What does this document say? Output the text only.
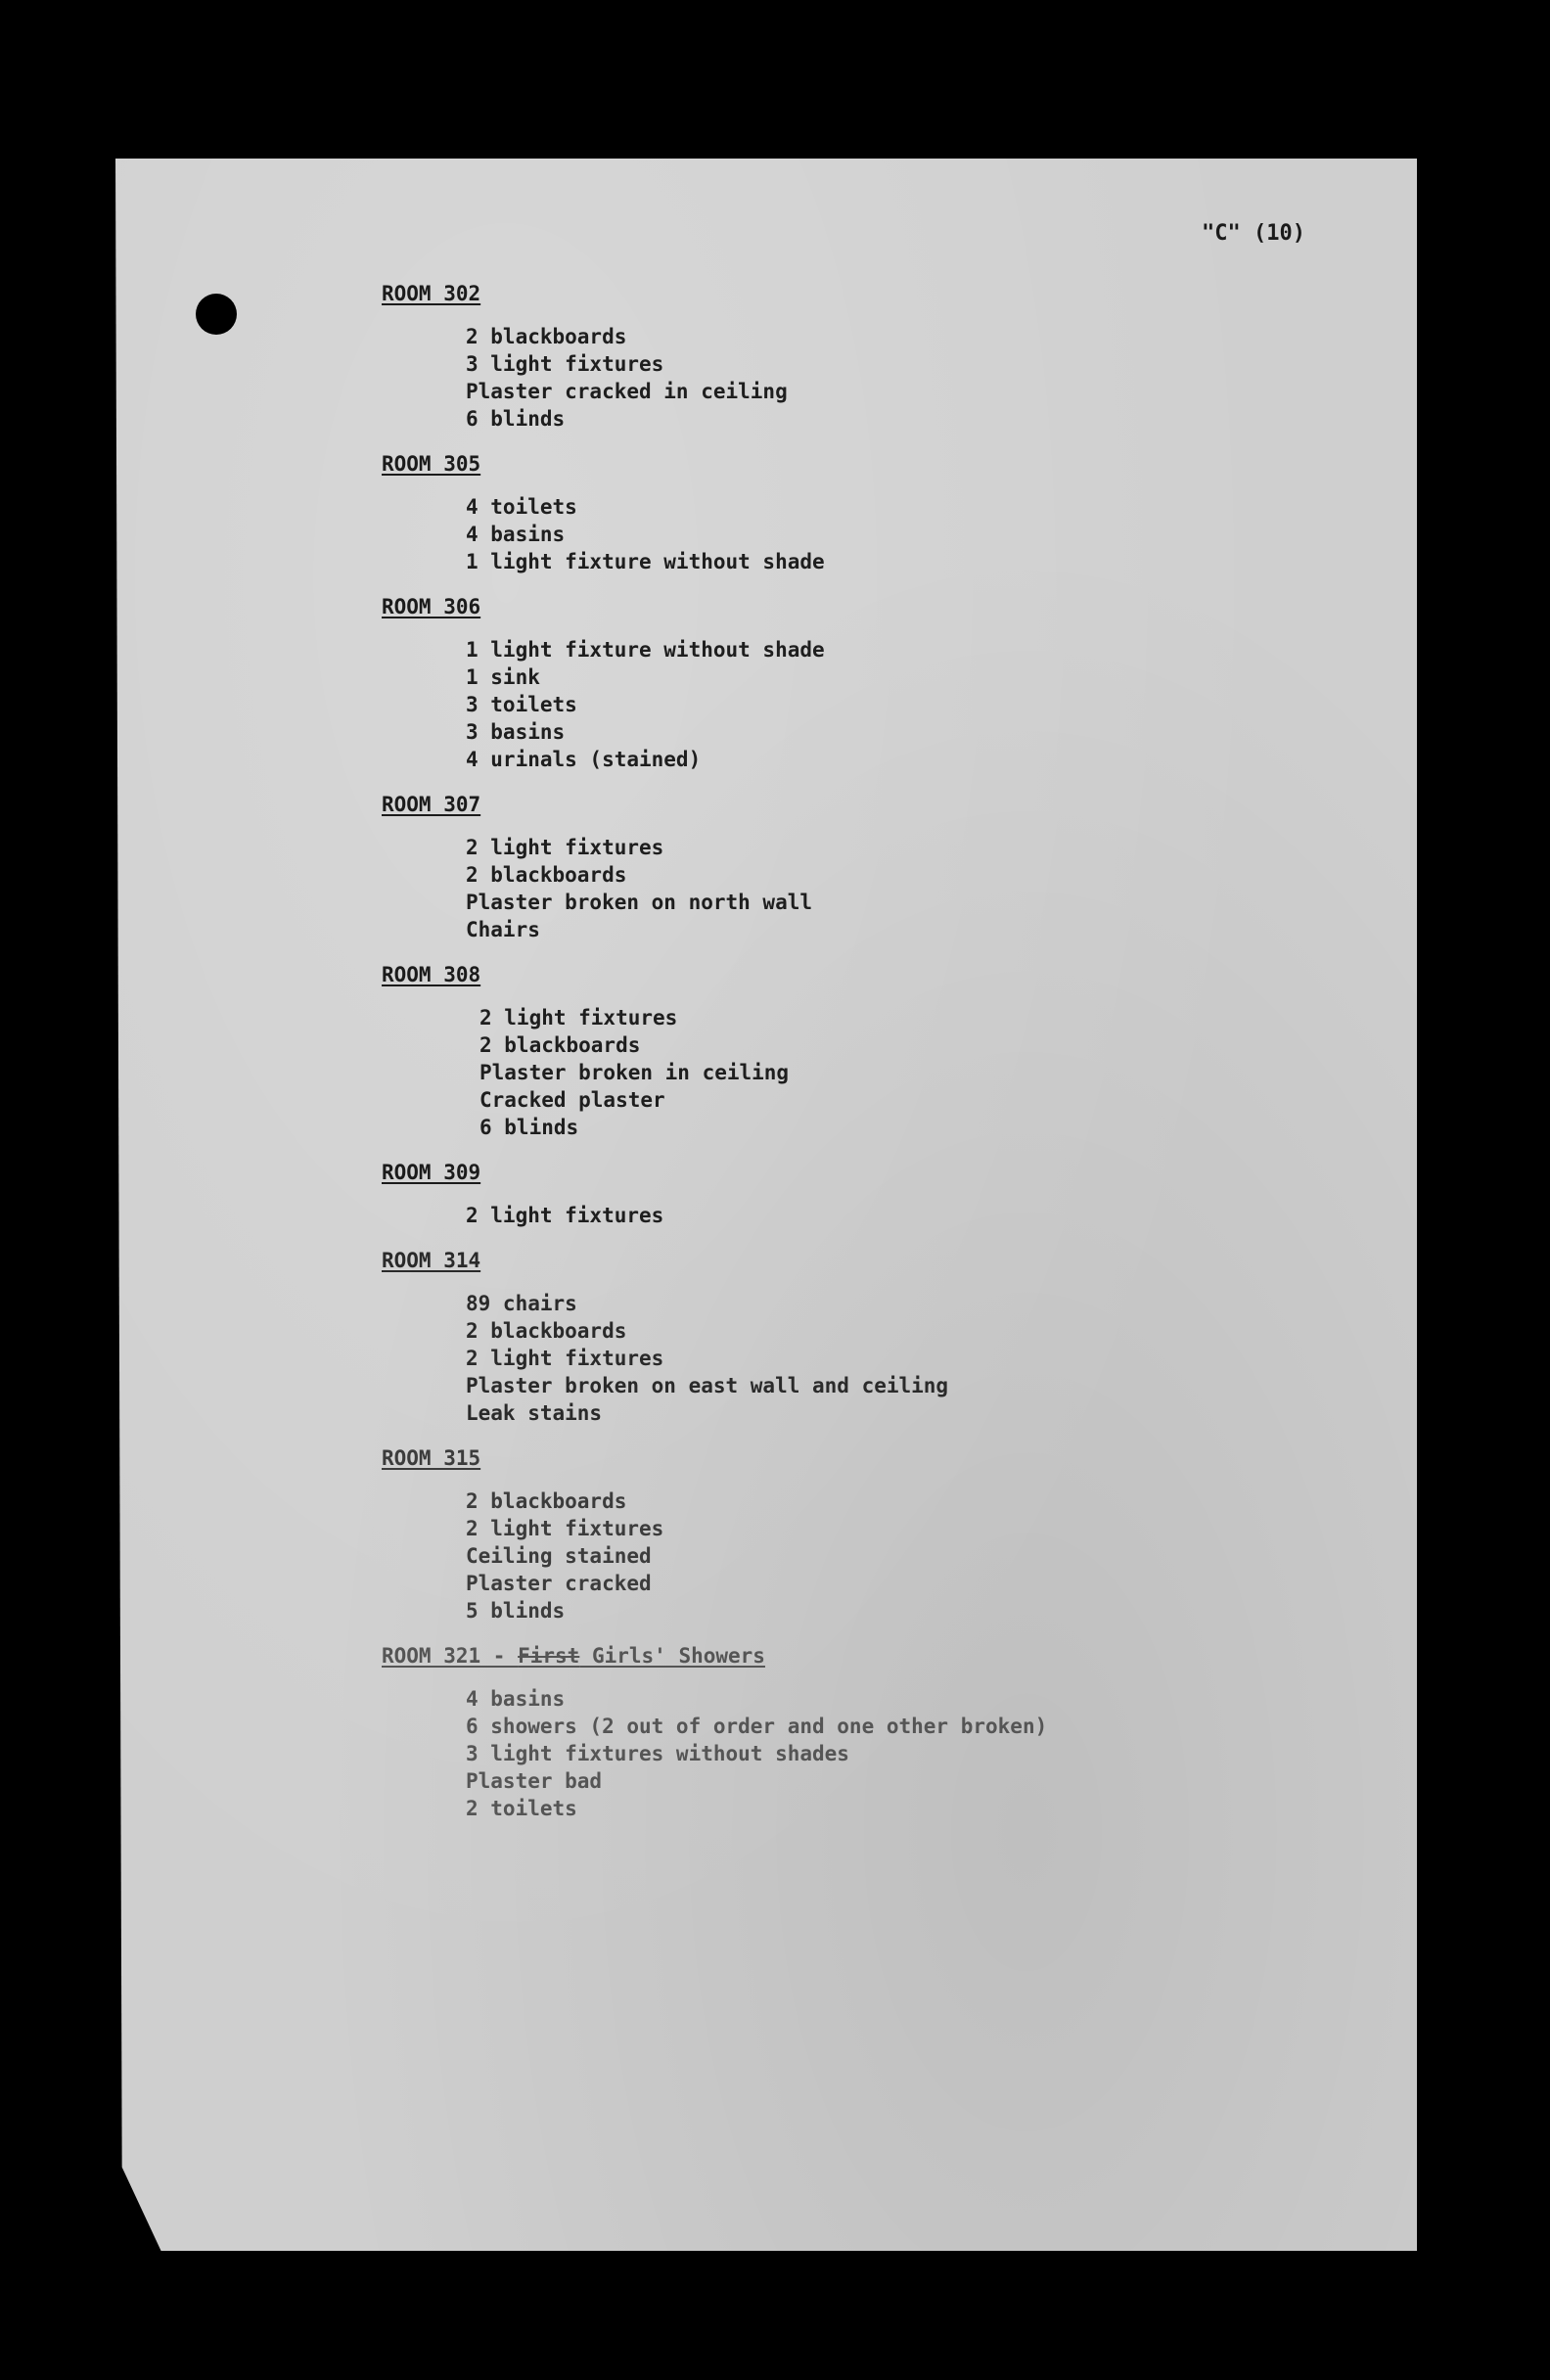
"C" (10)
ROOM 302
2 blackboards
3 light fixtures
Plaster cracked in ceiling
6 blinds
ROOM 305
4 toilets
4 basins
1 light fixture without shade
ROOM 306
1 light fixture without shade
1 sink
3 toilets
3 basins
4 urinals (stained)
ROOM 307
2 light fixtures
2 blackboards
Plaster broken on north wall
Chairs
ROOM 308
2 light fixtures
2 blackboards
Plaster broken in ceiling
Cracked plaster
6 blinds
ROOM 309
2 light fixtures
ROOM 314
89 chairs
2 blackboards
2 light fixtures
Plaster broken on east wall and ceiling
Leak stains
ROOM 315
2 blackboards
2 light fixtures
Ceiling stained
Plaster cracked
5 blinds
ROOM 321 - First Girls' Showers
4 basins
6 showers (2 out of order and one other broken)
3 light fixtures without shades
Plaster bad
2 toilets
